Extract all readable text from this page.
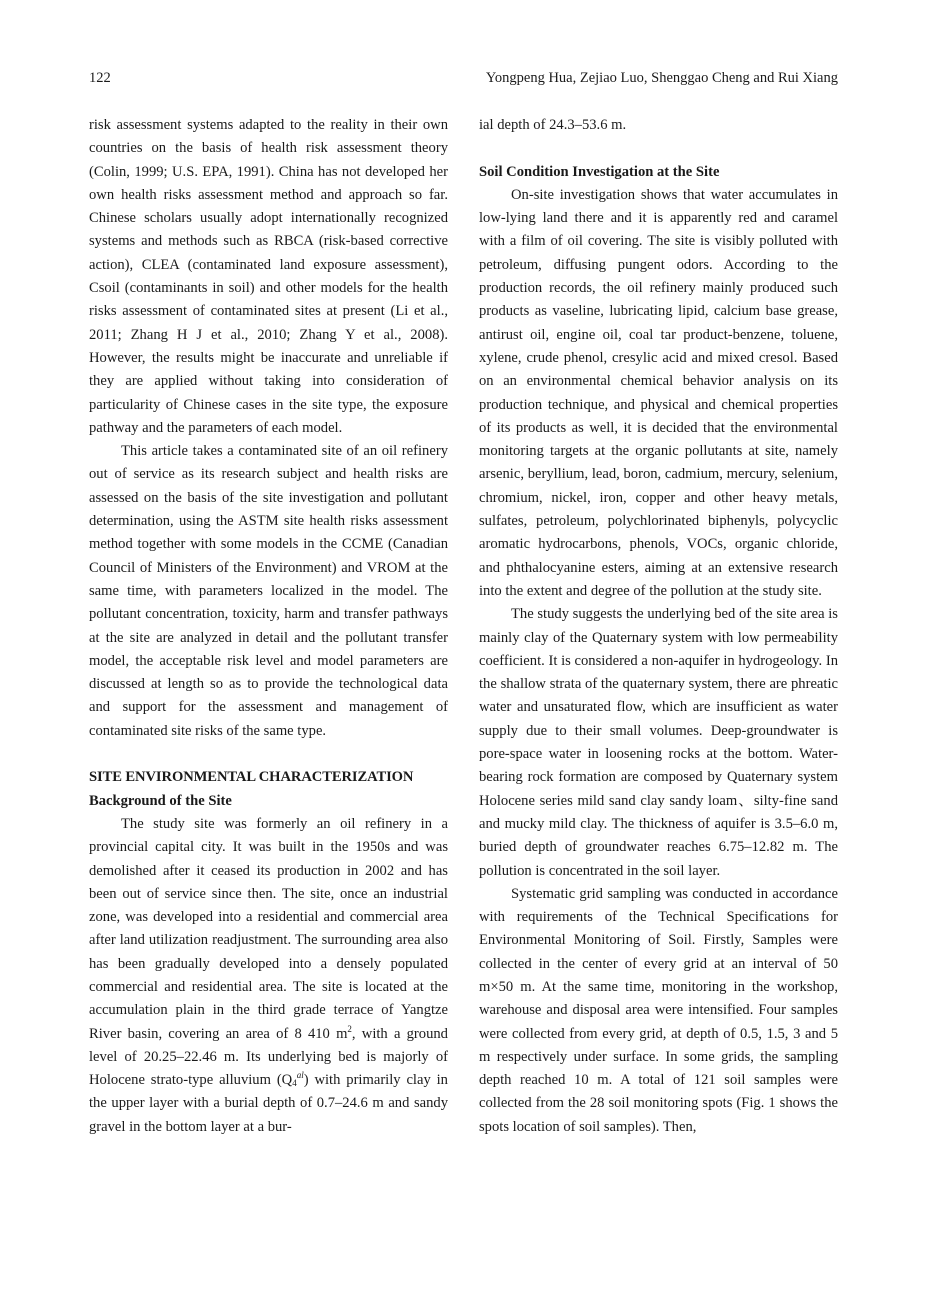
122	Yongpeng Hua, Zejiao Luo, Shenggao Cheng and Rui Xiang

risk assessment systems adapted to the reality in their own countries on the basis of health risk assessment theory (Colin, 1999; U.S. EPA, 1991). China has not developed her own health risks assessment method and approach so far. Chinese scholars usually adopt internationally recognized systems and methods such as RBCA (risk-based corrective action), CLEA (contaminated land exposure assessment), Csoil (contaminants in soil) and other models for the health risks assessment of contaminated sites at present (Li et al., 2011; Zhang H J et al., 2010; Zhang Y et al., 2008). However, the results might be inaccurate and unreliable if they are applied without taking into consideration of particularity of Chinese cases in the site type, the exposure pathway and the parameters of each model.

This article takes a contaminated site of an oil refinery out of service as its research subject and health risks are assessed on the basis of the site investigation and pollutant determination, using the ASTM site health risks assessment method together with some models in the CCME (Canadian Council of Ministers of the Environment) and VROM at the same time, with parameters localized in the model. The pollutant concentration, toxicity, harm and transfer pathways at the site are analyzed in detail and the pollutant transfer model, the acceptable risk level and model parameters are discussed at length so as to provide the technological data and support for the assessment and management of contaminated site risks of the same type.

SITE ENVIRONMENTAL CHARACTERIZATION
Background of the Site

The study site was formerly an oil refinery in a provincial capital city. It was built in the 1950s and was demolished after it ceased its production in 2002 and has been out of service since then. The site, once an industrial zone, was developed into a residential and commercial area after land utilization readjustment. The surrounding area also has been gradually developed into a densely populated commercial and residential area. The site is located at the accumulation plain in the third grade terrace of Yangtze River basin, covering an area of 8 410 $m^2$, with a ground level of 20.25–22.46 m. Its underlying bed is majorly of Holocene strato-type alluvium $(Q_4^{al})$ with primarily clay in the upper layer with a burial depth of 0.7–24.6 m and sandy gravel in the bottom layer at a bur-

ial depth of 24.3–53.6 m.

Soil Condition Investigation at the Site

On-site investigation shows that water accumulates in low-lying land there and it is apparently red and caramel with a film of oil covering. The site is visibly polluted with petroleum, diffusing pungent odors. According to the production records, the oil refinery mainly produced such products as vaseline, lubricating lipid, calcium base grease, antirust oil, engine oil, coal tar product-benzene, toluene, xylene, crude phenol, cresylic acid and mixed cresol. Based on an environmental chemical behavior analysis on its production technique, and physical and chemical properties of its products as well, it is decided that the environmental monitoring targets at the organic pollutants at site, namely arsenic, beryllium, lead, boron, cadmium, mercury, selenium, chromium, nickel, iron, copper and other heavy metals, sulfates, petroleum, polychlorinated biphenyls, polycyclic aromatic hydrocarbons, phenols, VOCs, organic chloride, and phthalocyanine esters, aiming at an extensive research into the extent and degree of the pollution at the study site.

The study suggests the underlying bed of the site area is mainly clay of the Quaternary system with low permeability coefficient. It is considered a non-aquifer in hydrogeology. In the shallow strata of the quaternary system, there are phreatic water and unsaturated flow, which are insufficient as water supply due to their small volumes. Deep-groundwater is pore-space water in loosening rocks at the bottom. Water-bearing rock formation are composed by Quaternary system Holocene series mild sand clay sandy loam、silty-fine sand and mucky mild clay. The thickness of aquifer is 3.5–6.0 m, buried depth of groundwater reaches 6.75–12.82 m. The pollution is concentrated in the soil layer.

Systematic grid sampling was conducted in accordance with requirements of the Technical Specifications for Environmental Monitoring of Soil. Firstly, Samples were collected in the center of every grid at an interval of 50 m×50 m. At the same time, monitoring in the workshop, warehouse and disposal area were intensified. Four samples were collected from every grid, at depth of 0.5, 1.5, 3 and 5 m respectively under surface. In some grids, the sampling depth reached 10 m. A total of 121 soil samples were collected from the 28 soil monitoring spots (Fig. 1 shows the spots location of soil samples). Then,
